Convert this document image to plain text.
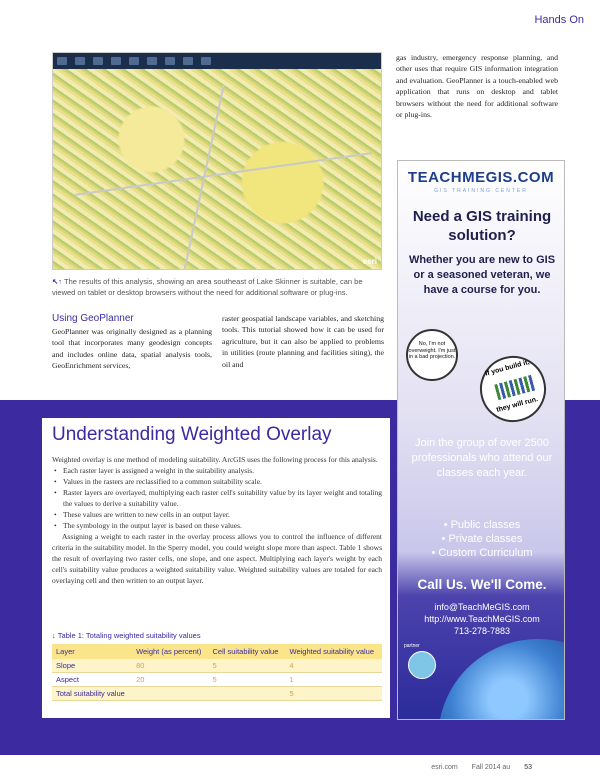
Hands On
esri
↖↑ The results of this analysis, showing an area southeast of Lake Skinner is suitable, can be viewed on tablet or desktop browsers without the need for additional software or plug-ins.
Using GeoPlanner
GeoPlanner was originally designed as a planning tool that incorporates many geodesign concepts and includes online data, spatial analysis tools, GeoEnrichment services,
raster geospatial landscape variables, and sketching tools. This tutorial showed how it can be used for agriculture, but it can also be applied to problems in utilities (route planning and facilities siting), the oil and
gas industry, emergency response planning, and other uses that require GIS information integration and evaluation. GeoPlanner is a touch-enabled web application that runs on desktop and tablet browsers without the need for additional software or plug-ins.
Understanding Weighted Overlay

Weighted overlay is one method of modeling suitability. ArcGIS uses the following process for this analysis.

• Each raster layer is assigned a weight in the suitability analysis.
• Values in the rasters are reclassified to a common suitability scale.
• Raster layers are overlayed, multiplying each raster cell's suitability value by its layer weight and totaling the values to derive a suitability value.
• These values are written to new cells in an output layer.
• The symbology in the output layer is based on these values.

Assigning a weight to each raster in the overlay process allows you to control the influence of different criteria in the suitability model. In the Sperry model, you could weight slope more than aspect. Table 1 shows the result of overlaying two raster cells, one slope, and one aspect. Multiplying each layer's weight by each cell's suitability value produces a weighted suitability value. Weighted suitability values are totaled for each overlaying cell and then written to an output layer.

↓ Table 1: Totaling weighted suitability values
Layer	Weight (as percent)	Cell suitability value	Weighted suitability value
Slope	80	5	4
Aspect	20	5	1
Total suitability value			5
TEACHMEGIS.COM
GIS TRAINING CENTER
Need a GIS training solution?
Whether you are new to GIS or a seasoned veteran, we have a course for you.
No, I'm not overweight. I'm just in a bad projection.
If you build it,
they will run.
Join the group of over 2500 professionals who attend our classes each year.
• Public classes
• Private classes
• Custom Curriculum
Call Us. We'll Come.
info@TeachMeGIS.com
http://www.TeachMeGIS.com
713-278-7883
partner
esri.com Fall 2014 au 53
